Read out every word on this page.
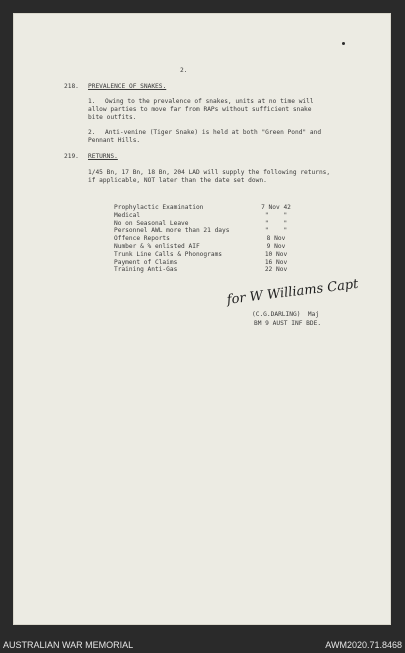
2.
218. PREVALENCE OF SNAKES.
1. Owing to the prevalence of snakes, units at no time will
allow parties to move far from RAPs without sufficient snake
bite outfits.
2. Anti-venine (Tiger Snake) is held at both "Green Pond" and
Pennant Hills.
219. RETURNS.
1/45 Bn, 17 Bn, 18 Bn, 204 LAD will supply the following returns,
if applicable, NOT later than the date set down.
Prophylactic Examination	7 Nov 42
Medical	"    "
No on Seasonal Leave	"    "
Personnel AWL more than 21 days	"    "
Offence Reports	8 Nov
Number & % enlisted AIF	9 Nov
Trunk Line Calls & Phonograms	10 Nov
Payment of Claims	16 Nov
Training Anti-Gas	22 Nov
for W Williams Capt
(C.G.DARLING)  Maj
BM 9 AUST INF BDE.
AUSTRALIAN WAR MEMORIAL	AWM2020.71.8468
